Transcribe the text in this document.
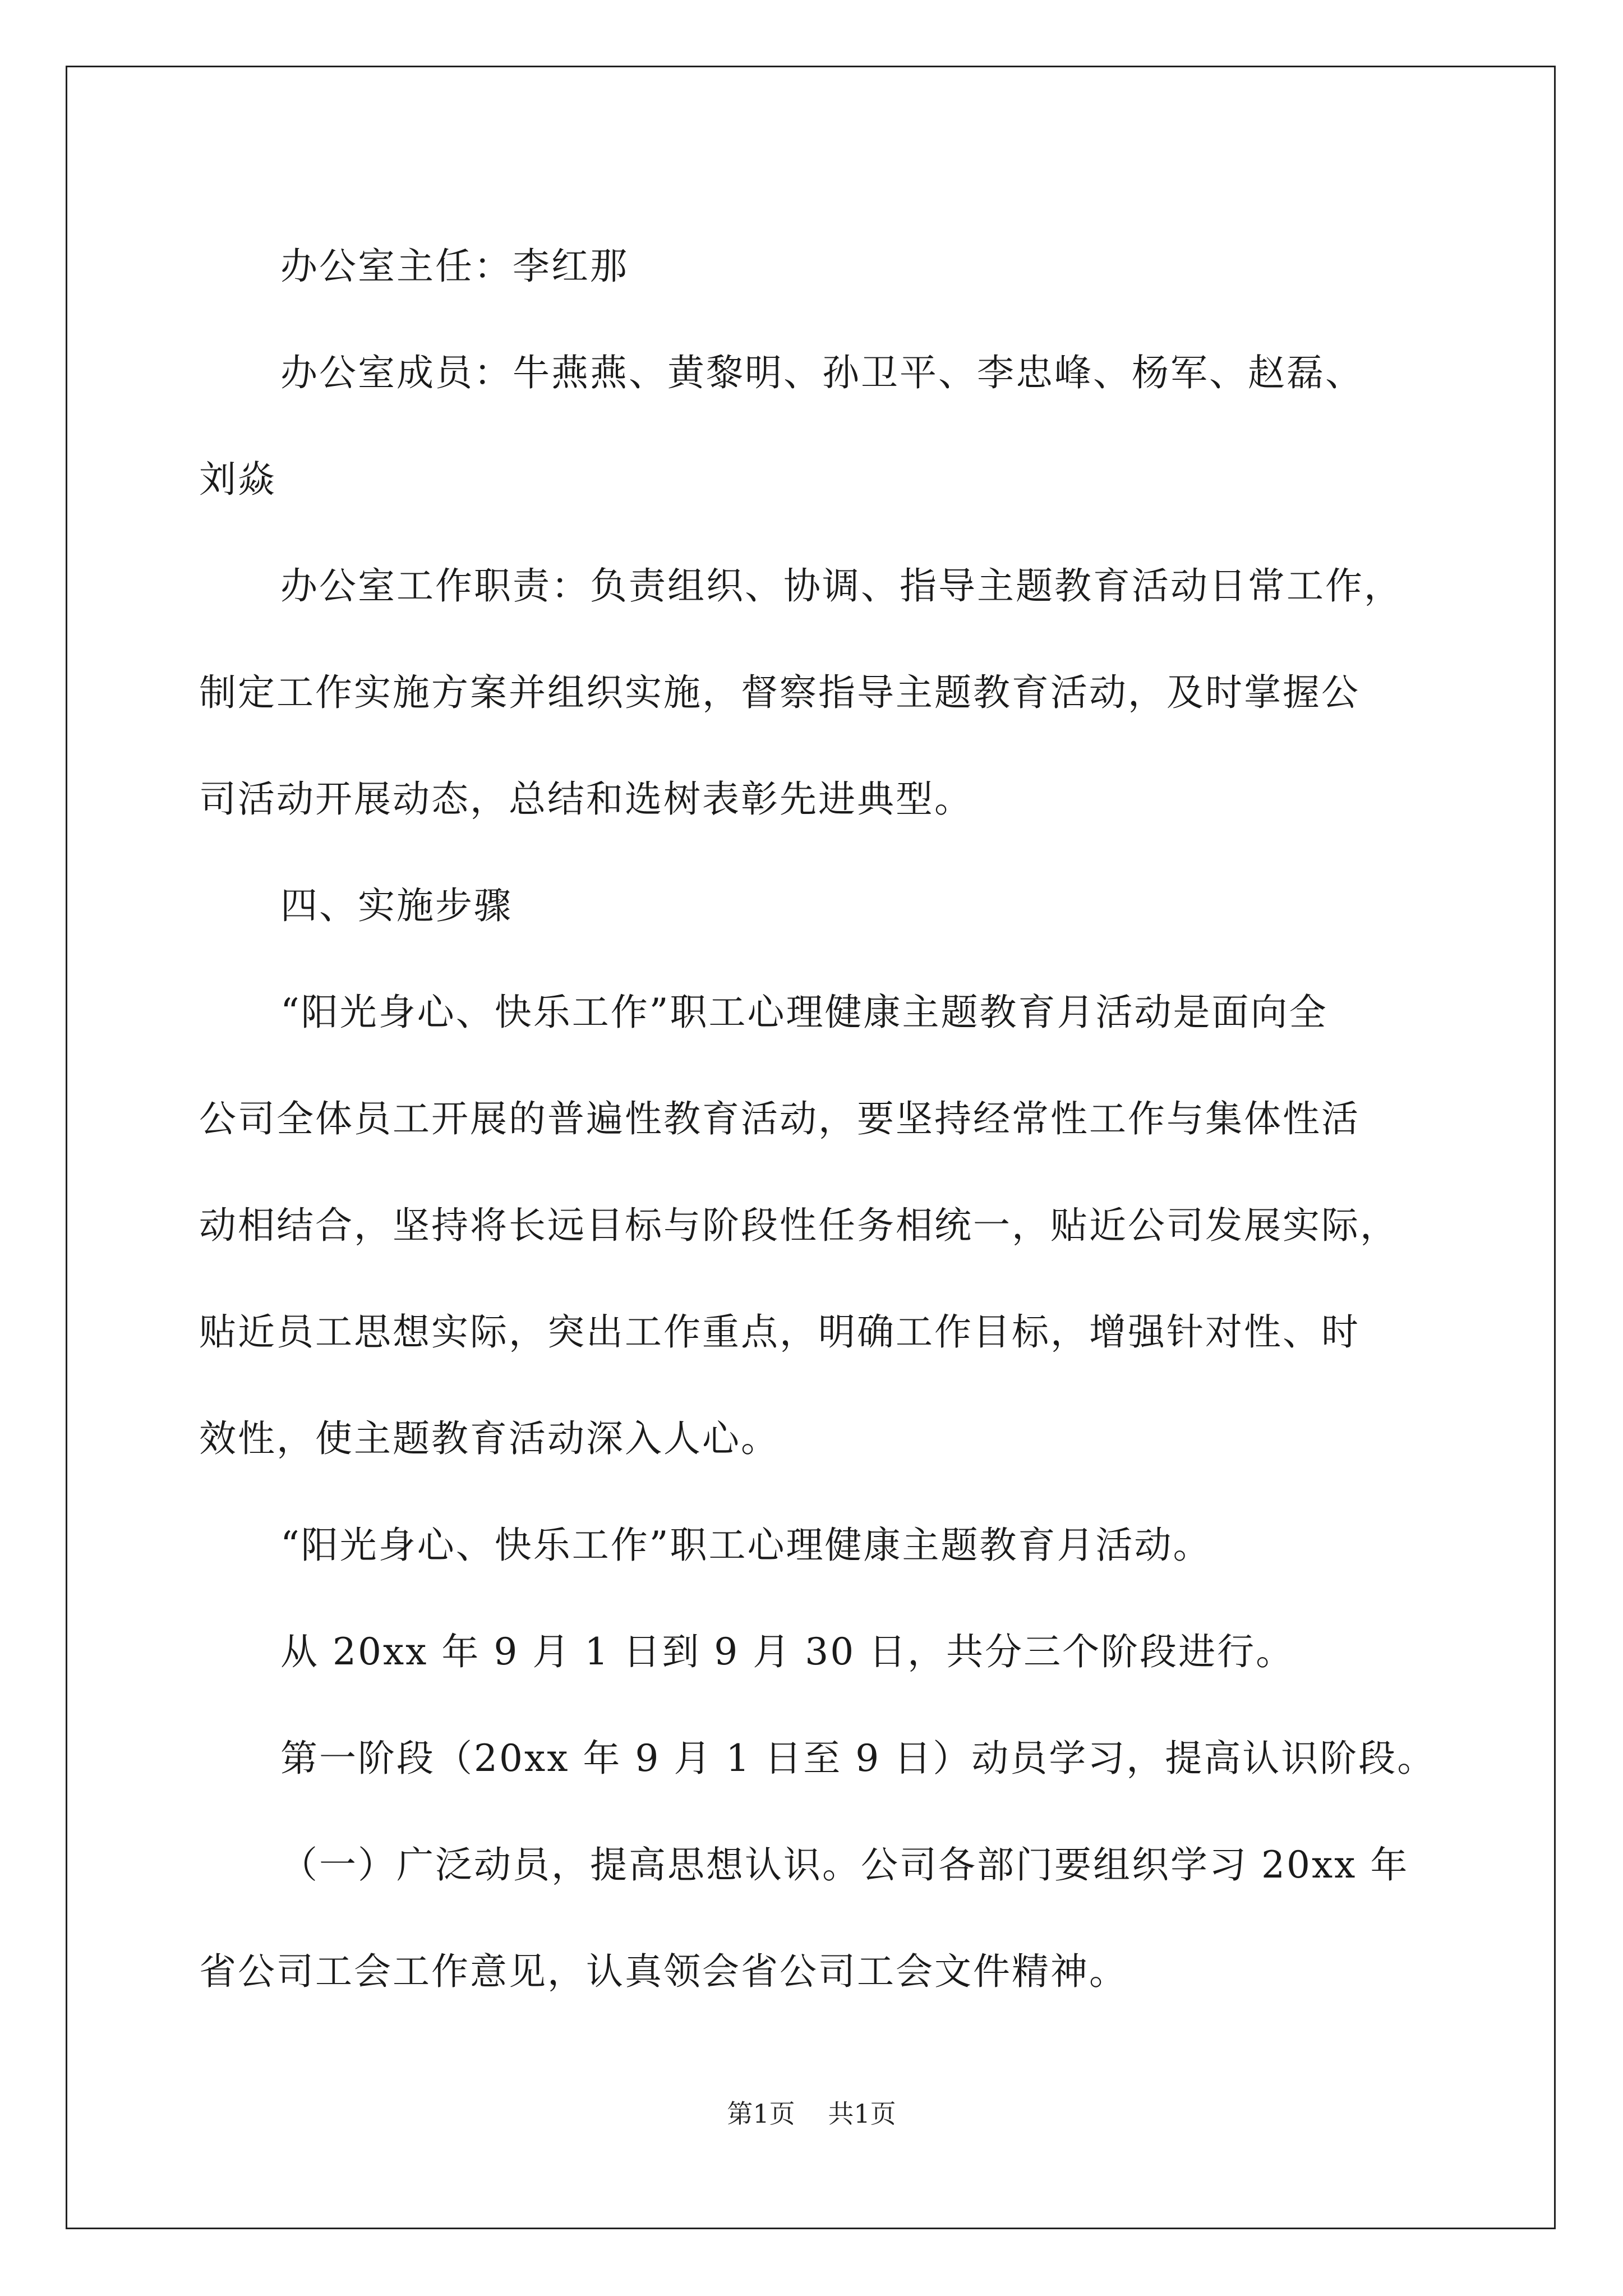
办公室主任：李红那

办公室成员：牛燕燕、黄黎明、孙卫平、李忠峰、杨军、赵磊、

刘焱

办公室工作职责：负责组织、协调、指导主题教育活动日常工作，

制定工作实施方案并组织实施，督察指导主题教育活动，及时掌握公

司活动开展动态，总结和选树表彰先进典型。

四、实施步骤

“阳光身心、快乐工作”职工心理健康主题教育月活动是面向全

公司全体员工开展的普遍性教育活动，要坚持经常性工作与集体性活

动相结合，坚持将长远目标与阶段性任务相统一，贴近公司发展实际，

贴近员工思想实际，突出工作重点，明确工作目标，增强针对性、时

效性，使主题教育活动深入人心。

“阳光身心、快乐工作”职工心理健康主题教育月活动。

从 20xx 年 9 月 1 日到 9 月 30 日，共分三个阶段进行。

第一阶段（20xx 年 9 月 1 日至 9 日）动员学习，提高认识阶段。

（一）广泛动员，提高思想认识。公司各部门要组织学习 20xx 年

省公司工会工作意见，认真领会省公司工会文件精神。

第1页 共1页
